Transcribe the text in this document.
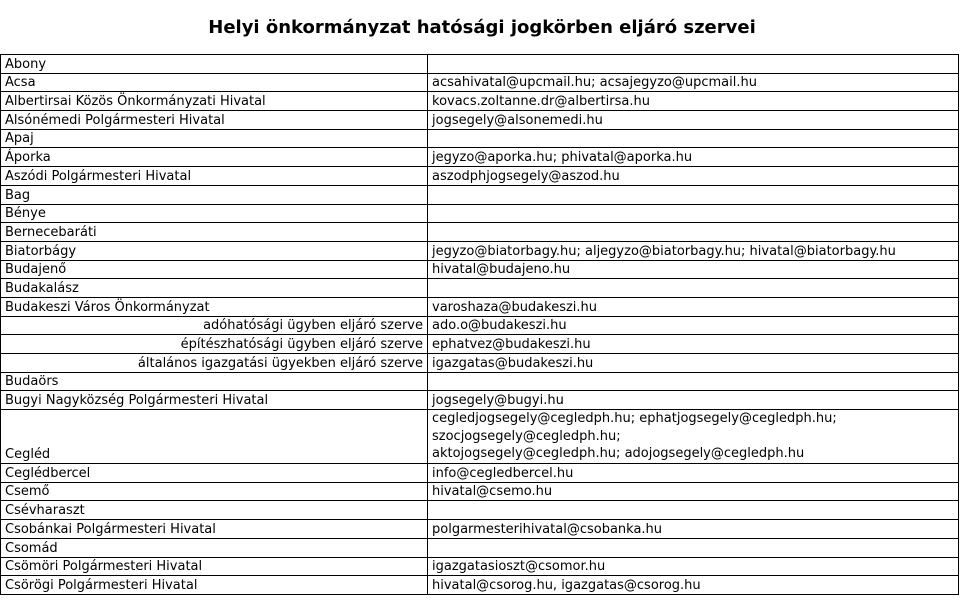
Helyi önkormányzat hatósági jogkörben eljáró szervei
Abony	
Acsa	acsahivatal@upcmail.hu; acsajegyzo@upcmail.hu
Albertirsai Közös Önkormányzati Hivatal	kovacs.zoltanne.dr@albertirsa.hu
Alsónémedi Polgármesteri Hivatal	jogsegely@alsonemedi.hu
Apaj	
Áporka	jegyzo@aporka.hu; phivatal@aporka.hu
Aszódi Polgármesteri Hivatal	aszodphjogsegely@aszod.hu
Bag	
Bénye	
Bernecebaráti	
Biatorbágy	jegyzo@biatorbagy.hu; aljegyzo@biatorbagy.hu; hivatal@biatorbagy.hu
Budajenő	hivatal@budajeno.hu
Budakalász	
Budakeszi Város Önkormányzat	varoshaza@budakeszi.hu
adóhatósági ügyben eljáró szerve	ado.o@budakeszi.hu
építészhatósági ügyben eljáró szerve	ephatvez@budakeszi.hu
általános igazgatási ügyekben eljáró szerve	igazgatas@budakeszi.hu
Budaörs	
Bugyi Nagyközség Polgármesteri Hivatal	jogsegely@bugyi.hu
Cegléd	cegledjogsegely@cegledph.hu; ephatjogsegely@cegledph.hu;
szocjogsegely@cegledph.hu;
aktojogsegely@cegledph.hu; adojogsegely@cegledph.hu

Ceglédbercel	info@cegledbercel.hu
Csemő	hivatal@csemo.hu
Csévharaszt	
Csobánkai Polgármesteri Hivatal	polgarmesterihivatal@csobanka.hu
Csomád	
Csömöri Polgármesteri Hivatal	igazgatasioszt@csomor.hu
Csörögi Polgármesteri Hivatal	hivatal@csorog.hu, igazgatas@csorog.hu
